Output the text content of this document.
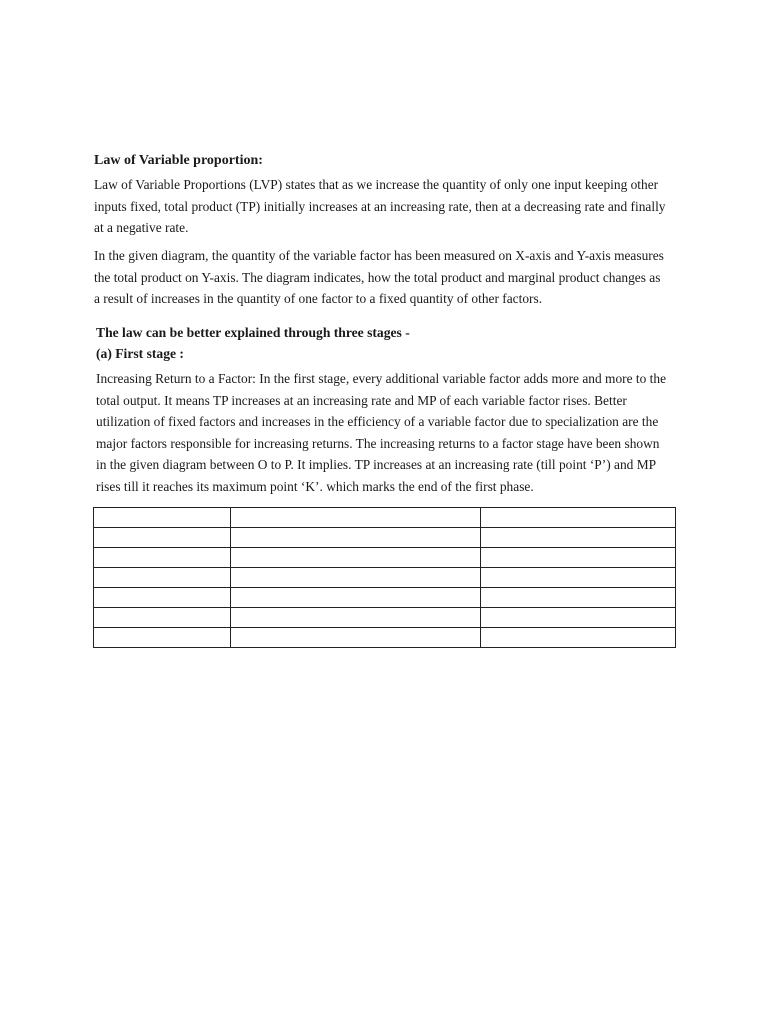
Law of Variable proportion:

Law of Variable Proportions (LVP) states that as we increase the quantity of only one input keeping other
inputs fixed, total product (TP) initially increases at an increasing rate, then at a decreasing rate and finally
at a negative rate.

In the given diagram, the quantity of the variable factor has been measured on X-axis and Y-axis measures
the total product on Y-axis. The diagram indicates, how the total product and marginal product changes as
a result of increases in the quantity of one factor to a fixed quantity of other factors.

The law can be better explained through three stages -
(a) First stage :

Increasing Return to a Factor: In the first stage, every additional variable factor adds more and more to the
total output. It means TP increases at an increasing rate and MP of each variable factor rises. Better
utilization of fixed factors and increases in the efficiency of a variable factor due to specialization are the
major factors responsible for increasing returns. The increasing returns to a factor stage have been shown
in the given diagram between O to P. It implies. TP increases at an increasing rate (till point ‘P’) and MP
rises till it reaches its maximum point ‘K’. which marks the end of the first phase.
